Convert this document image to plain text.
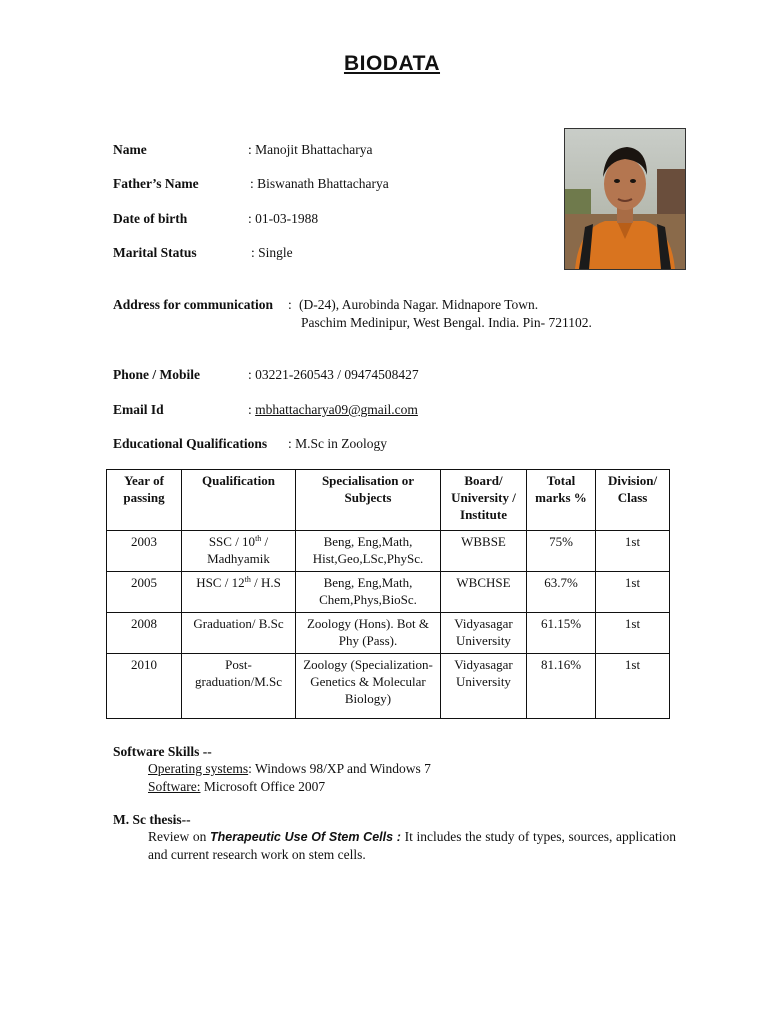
BIODATA
Name	: Manojit Bhattacharya
Father’s Name	: Biswanath Bhattacharya
Date of birth	: 01-03-1988
Marital Status	: Single
Address for communication : (D-24), Aurobinda Nagar. Midnapore Town.
Paschim Medinipur, West Bengal. India. Pin- 721102.
Phone / Mobile	: 03221-260543 / 09474508427
Email Id	: mbhattacharya09@gmail.com
Educational Qualifications : M.Sc in Zoology
Year of passing	Qualification	Specialisation or Subjects	Board/ University / Institute	Total marks %	Division/ Class
2003	SSC / 10th / Madhyamik	Beng, Eng,Math, Hist,Geo,LSc,PhySc.	WBBSE	75%	1st
2005	HSC / 12th / H.S	Beng, Eng,Math, Chem,Phys,BioSc.	WBCHSE	63.7%	1st
2008	Graduation/ B.Sc	Zoology (Hons). Bot & Phy (Pass).	Vidyasagar University	61.15%	1st
2010	Post-graduation/M.Sc	Zoology (Specialization- Genetics & Molecular Biology)	Vidyasagar University	81.16%	1st
Software Skills --
Operating systems: Windows 98/XP and Windows 7
Software: Microsoft Office 2007
M. Sc thesis--
Review on Therapeutic Use Of Stem Cells : It includes the study of types, sources, application and current research work on stem cells.
